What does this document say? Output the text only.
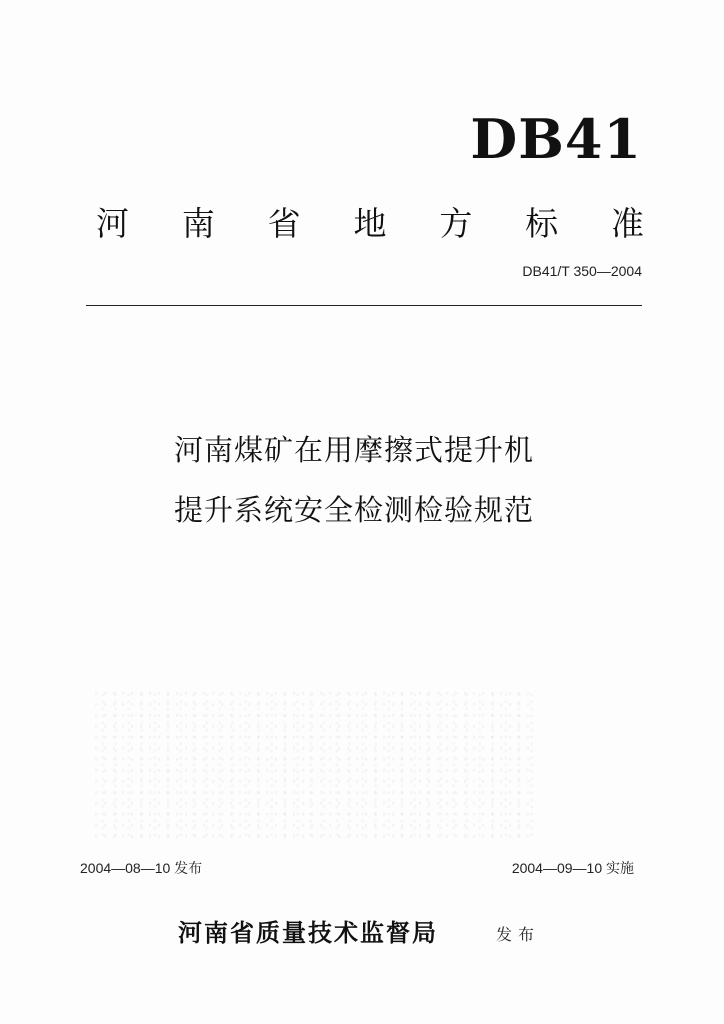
DB41
河 南 省 地 方 标 准
DB41/T 350—2004
河南煤矿在用摩擦式提升机
提升系统安全检测检验规范
2004—08—10 发布	2004—09—10 实施
河南省质量技术监督局	发布
